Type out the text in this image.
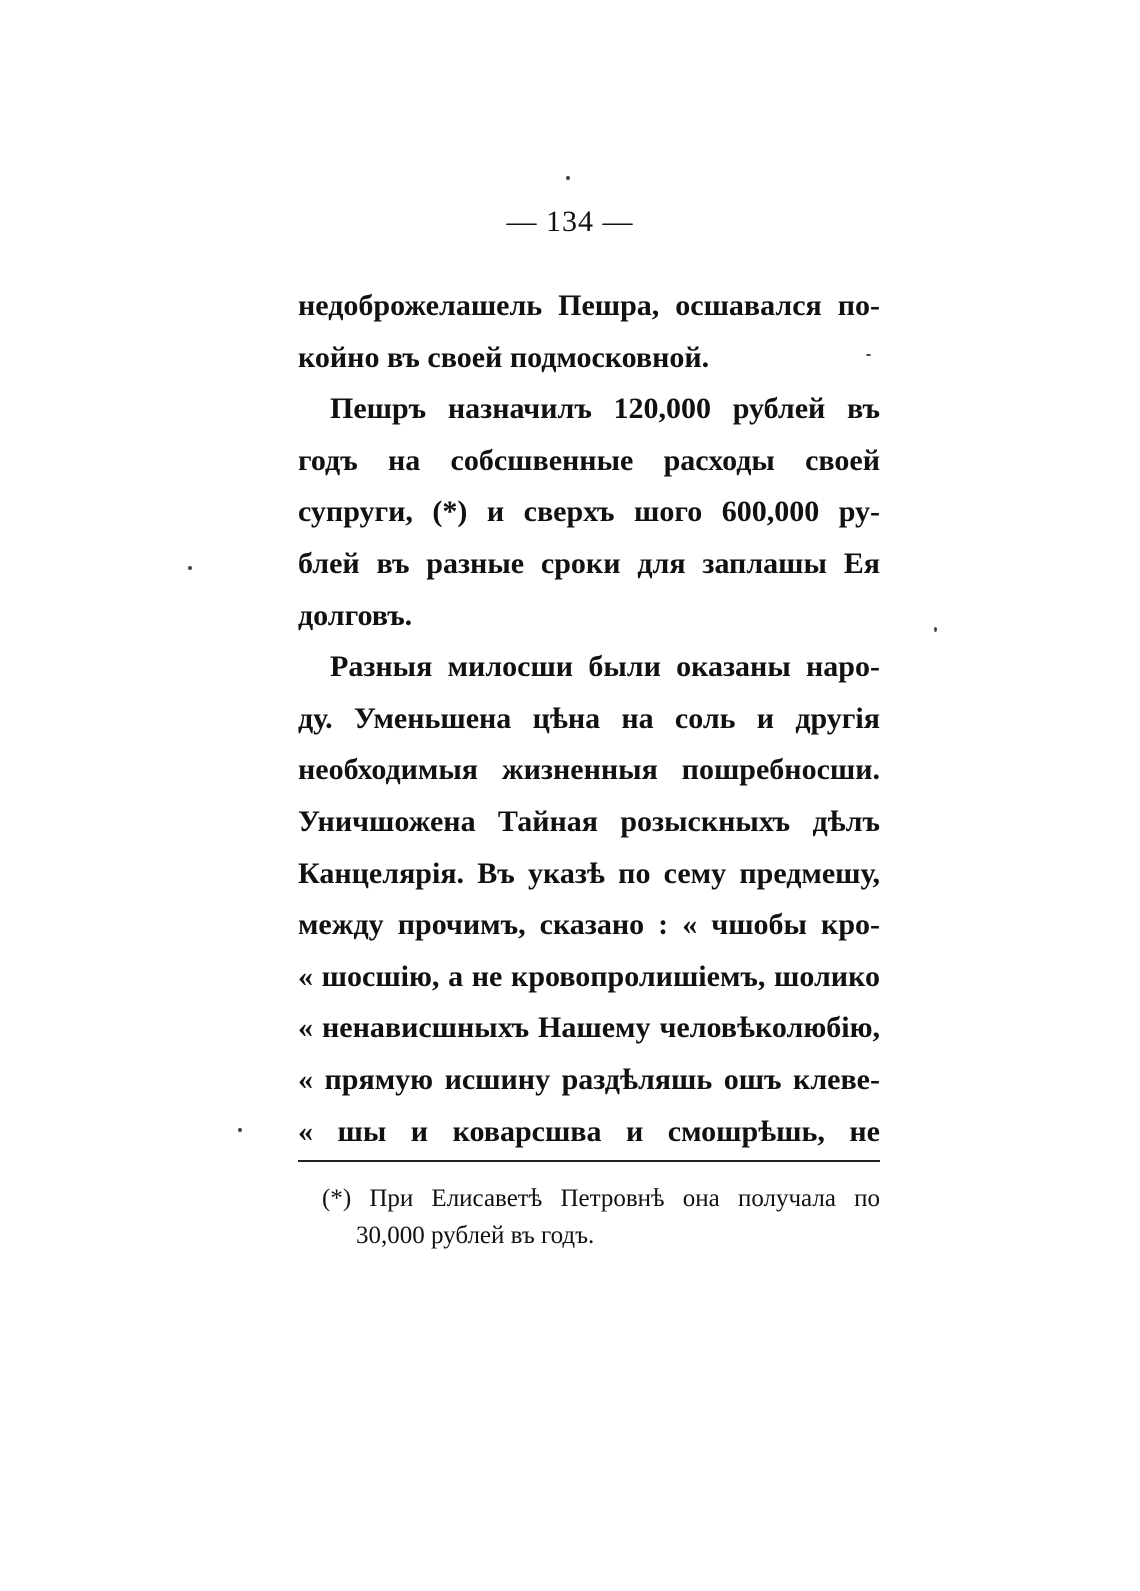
— 134 —
недоброжелашель Пешра, осшавался по-
койно въ своей подмосковной.
Пешръ назначилъ 120,000 рублей въ
годъ на собсшвенные расходы своей
супруги, (*) и сверхъ шого 600,000 ру-
блей въ разные сроки для заплашы Ея
долговъ.
Разныя милосши были оказаны наро-
ду. Уменьшена цѣна на соль и другія
необходимыя жизненныя пошребносши.
Уничшожена Тайная розыскныхъ дѣлъ
Канцелярія. Въ указѣ по сему предмешу,
между прочимъ, сказано : « чшобы кро-
« шосшію, а не кровопролишіемъ, шолико
« ненависшныхъ Нашему человѣколюбію,
« прямую исшину раздѣляшь ошъ клеве-
« шы и коварсшва и смошрѣшь, не
(*) При Елисаветѣ Петровнѣ она получала по
30,000 рублей въ годъ.
